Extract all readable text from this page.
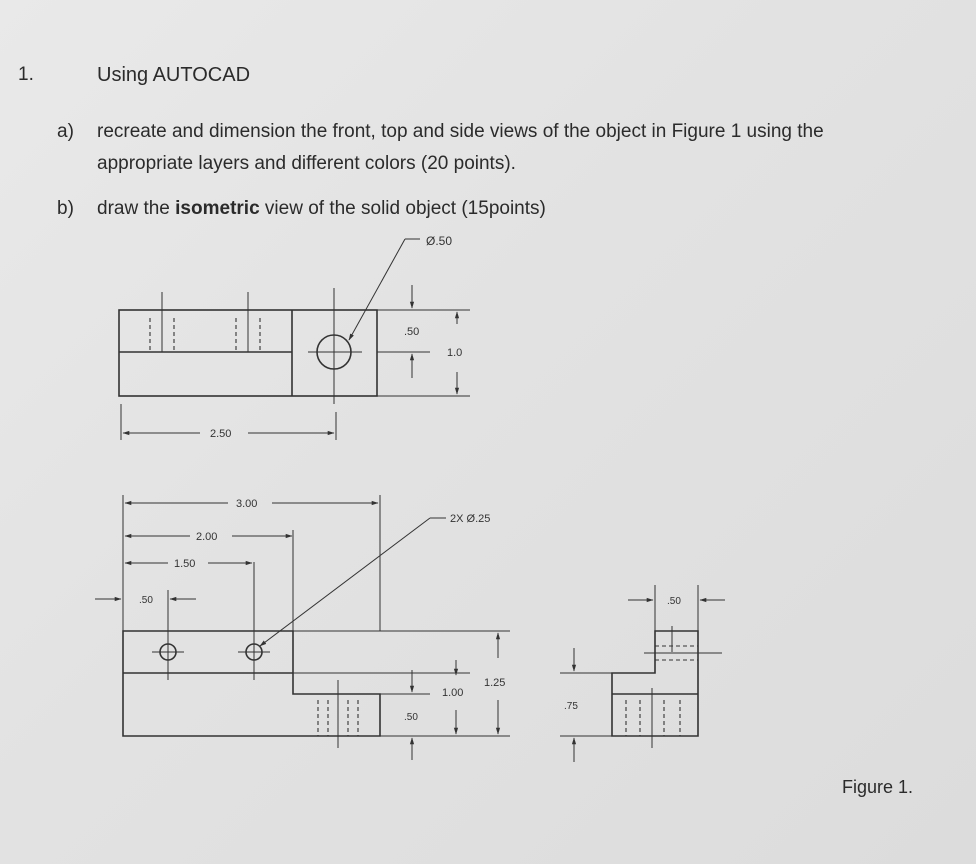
1.	Using AUTOCAD
a) recreate and dimension the front, top and side views of the object in Figure 1 using the
appropriate layers and different colors (20 points).
b) draw the isometric view of the solid object (15points)
Ø.50
.50
1.0
2.50
3.00
2.00
1.50
.50
2X Ø.25
.50
1.00
1.25
.50
.75
Figure 1.
